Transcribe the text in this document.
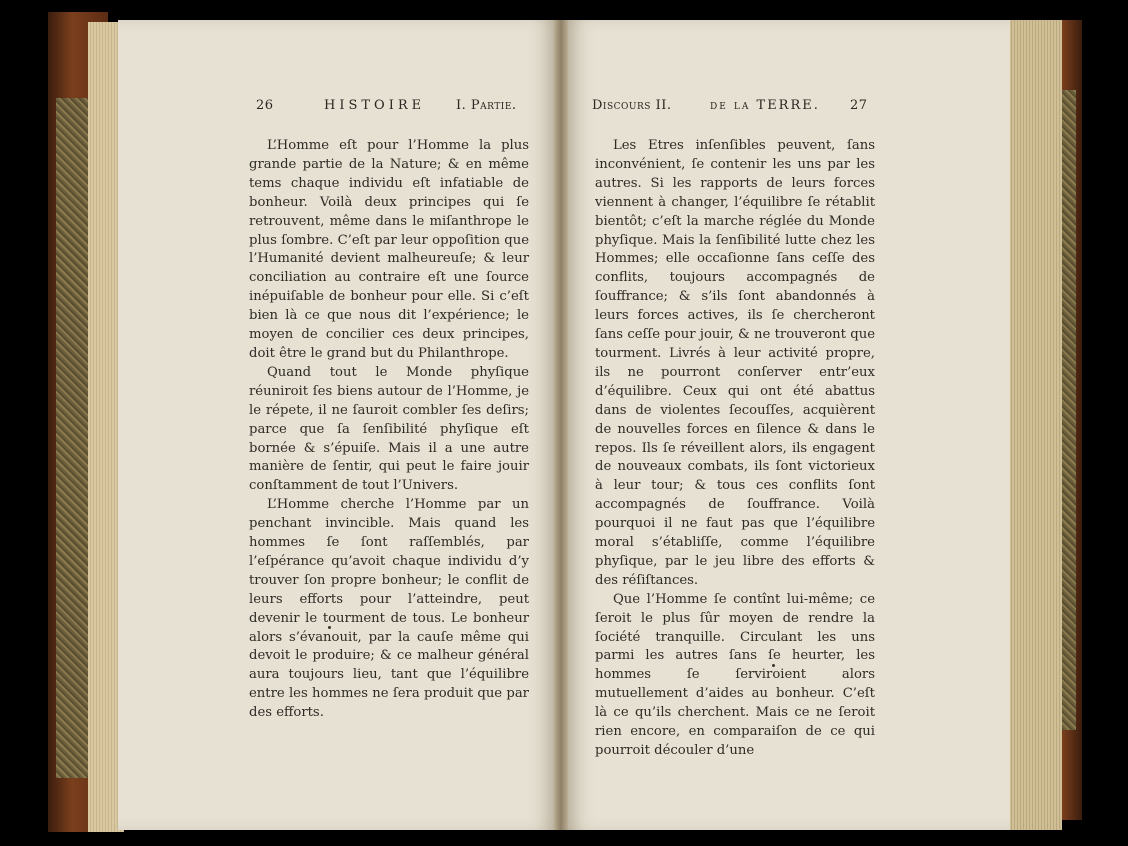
26	HISTOIRE I. Partie.

L’Homme eſt pour l’Homme la plus grande partie de la Nature; & en même tems chaque individu eſt infatiable de bonheur. Voilà deux principes qui ſe retrouvent, même dans le miſanthrope le plus ſombre. C’eſt par leur oppoſition que l’Humanité devient malheureuſe; & leur conciliation au contraire eſt une ſource inépuiſable de bonheur pour elle. Si c’eſt bien là ce que nous dit l’expérience; le moyen de concilier ces deux principes, doit être le grand but du Philanthrope.

Quand tout le Monde phyſique réuniroit ſes biens autour de l’Homme, je le répete, il ne ſauroit combler ſes deſirs; parce que ſa ſenſibilité phyſique eſt bornée & s’épuiſe. Mais il a une autre manière de ſentir, qui peut le faire jouir conſtamment de tout l’Univers.

L’Homme cherche l’Homme par un penchant invincible. Mais quand les hommes ſe ſont raſſemblés, par l’eſpérance qu’avoit chaque individu d’y trouver ſon propre bonheur; le conflit de leurs efforts pour l’atteindre, peut devenir le tourment de tous. Le bonheur alors s’évanouit, par la cauſe même qui devoit le produire; & ce malheur général aura toujours lieu, tant que l’équilibre entre les hommes ne ſera produit que par des efforts.

Discours II.	de la TERRE. 27

Les Etres inſenſibles peuvent, ſans inconvénient, ſe contenir les uns par les autres. Si les rapports de leurs forces viennent à changer, l’équilibre ſe rétablit bientôt; c’eſt la marche réglée du Monde phyſique. Mais la ſenſibilité lutte chez les Hommes; elle occaſionne ſans ceſſe des conflits, toujours accompagnés de ſouffrance; & s’ils ſont abandonnés à leurs forces actives, ils ſe chercheront ſans ceſſe pour jouir, & ne trouveront que tourment. Livrés à leur activité propre, ils ne pourront conſerver entr’eux d’équilibre. Ceux qui ont été abattus dans de violentes ſecouſſes, acquièrent de nouvelles forces en ſilence & dans le repos. Ils ſe réveillent alors, ils engagent de nouveaux combats, ils ſont victorieux à leur tour; & tous ces conflits ſont accompagnés de ſouffrance. Voilà pourquoi il ne faut pas que l’équilibre moral s’établiſſe, comme l’équilibre phyſique, par le jeu libre des efforts & des réſiſtances.

Que l’Homme ſe contînt lui-même; ce ſeroit le plus ſûr moyen de rendre la ſociété tranquille. Circulant les uns parmi les autres ſans ſe heurter, les hommes ſe ſerviroient alors mutuellement d’aides au bonheur. C’eſt là ce qu’ils cherchent. Mais ce ne ſeroit rien encore, en comparaiſon de ce qui pourroit découler d’une
